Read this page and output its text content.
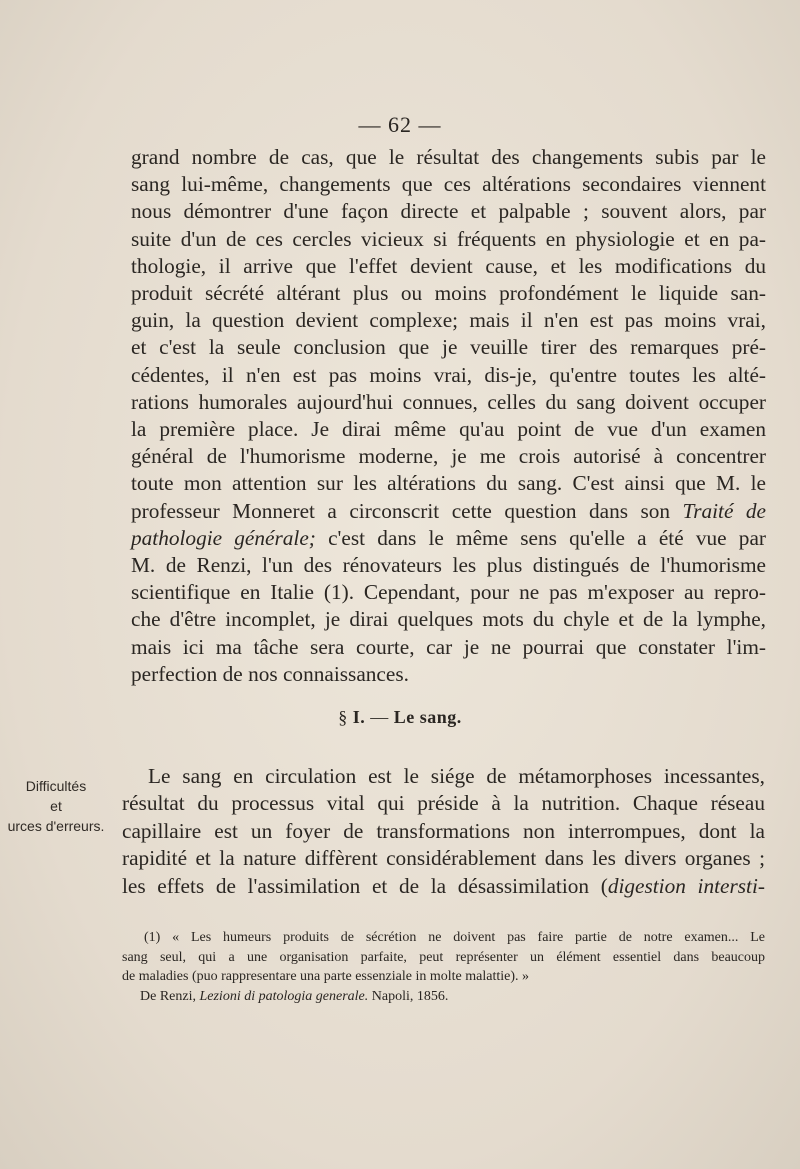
— 62 —
grand nombre de cas, que le résultat des changements subis par le
sang lui-même, changements que ces altérations secondaires viennent
nous démontrer d'une façon directe et palpable ; souvent alors, par
suite d'un de ces cercles vicieux si fréquents en physiologie et en pa-
thologie, il arrive que l'effet devient cause, et les modifications du
produit sécrété altérant plus ou moins profondément le liquide san-
guin, la question devient complexe; mais il n'en est pas moins vrai,
et c'est la seule conclusion que je veuille tirer des remarques pré-
cédentes, il n'en est pas moins vrai, dis-je, qu'entre toutes les alté-
rations humorales aujourd'hui connues, celles du sang doivent occuper
la première place. Je dirai même qu'au point de vue d'un examen
général de l'humorisme moderne, je me crois autorisé à concentrer
toute mon attention sur les altérations du sang. C'est ainsi que M. le
professeur Monneret a circonscrit cette question dans son Traité de
pathologie générale; c'est dans le même sens qu'elle a été vue par
M. de Renzi, l'un des rénovateurs les plus distingués de l'humorisme
scientifique en Italie (1). Cependant, pour ne pas m'exposer au repro-
che d'être incomplet, je dirai quelques mots du chyle et de la lymphe,
mais ici ma tâche sera courte, car je ne pourrai que constater l'im-
perfection de nos connaissances.
§ I. — Le sang.
Difficultés
et
urces d'erreurs.
Le sang en circulation est le siége de métamorphoses incessantes,
résultat du processus vital qui préside à la nutrition. Chaque réseau
capillaire est un foyer de transformations non interrompues, dont la
rapidité et la nature diffèrent considérablement dans les divers organes ;
les effets de l'assimilation et de la désassimilation (digestion intersti-
(1) « Les humeurs produits de sécrétion ne doivent pas faire partie de notre examen... Le
sang seul, qui a une organisation parfaite, peut représenter un élément essentiel dans beaucoup
de maladies (puo rappresentare una parte essenziale in molte malattie). »
De Renzi, Lezioni di patologia generale. Napoli, 1856.
